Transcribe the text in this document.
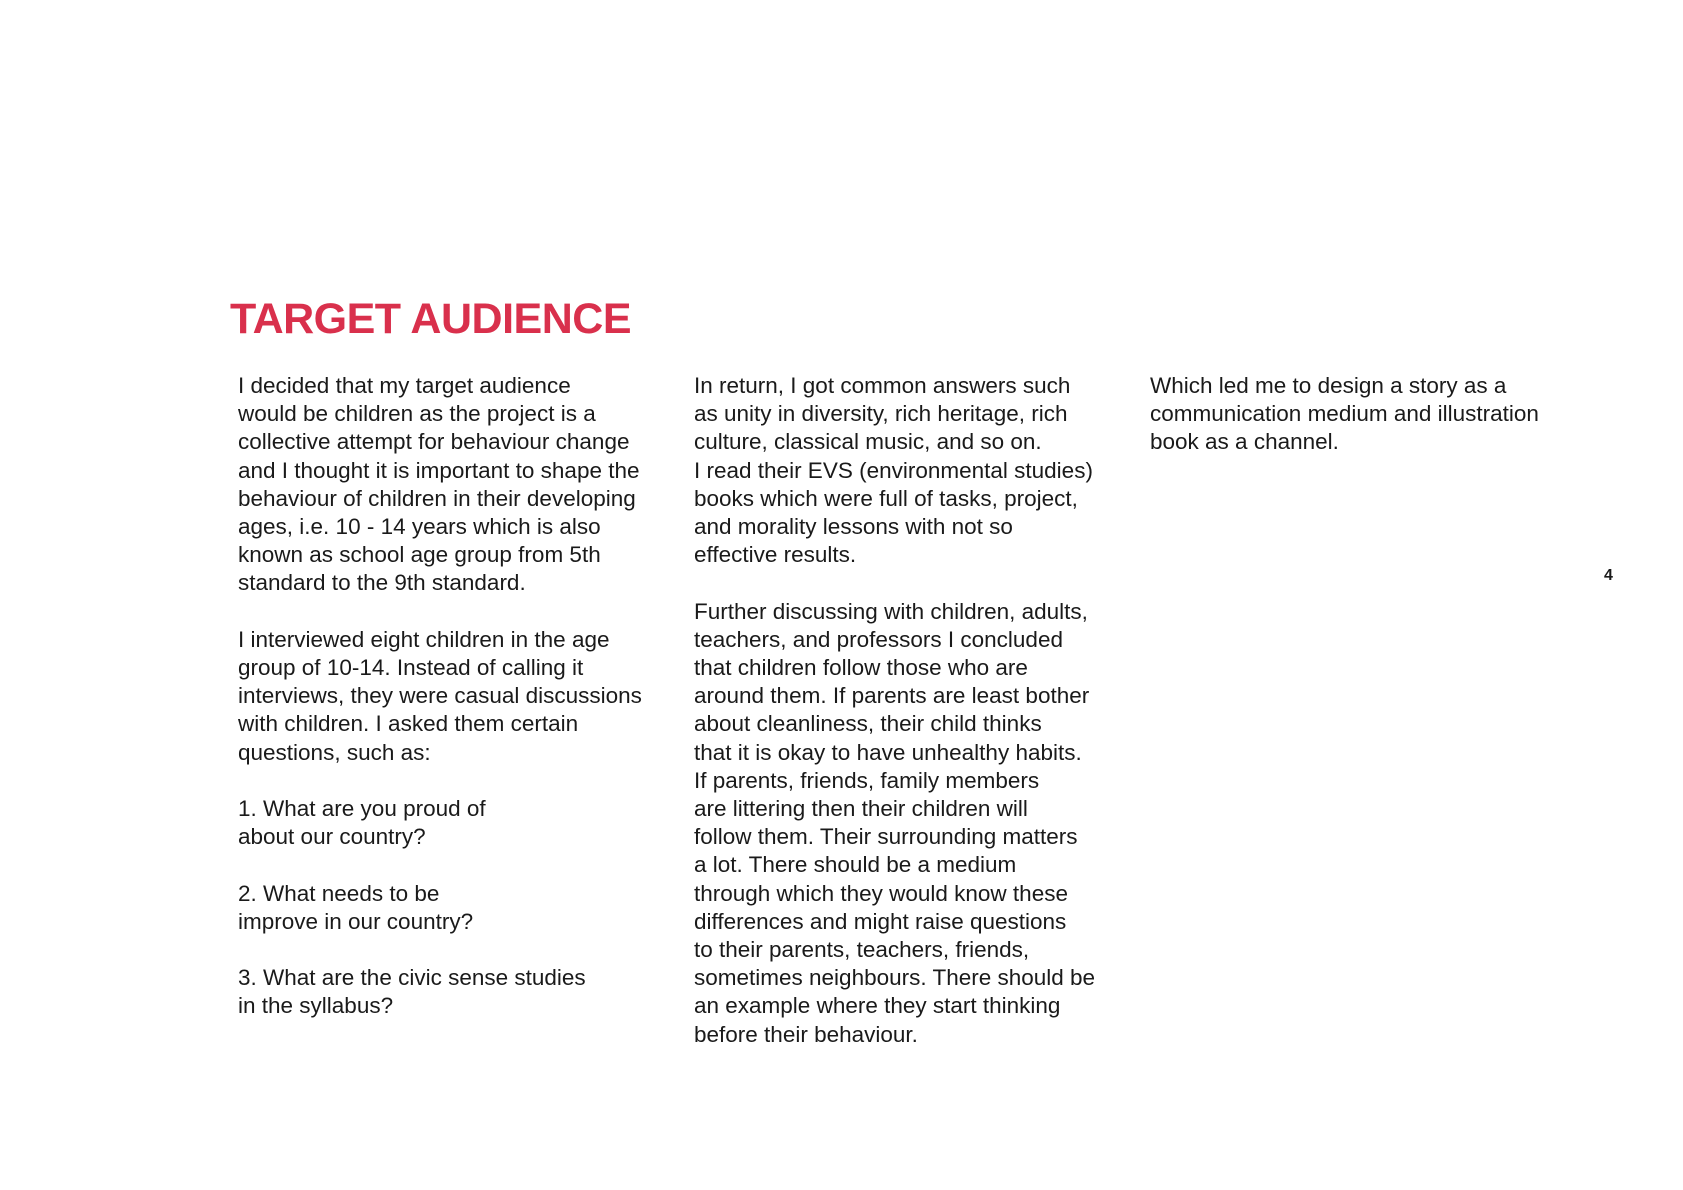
TARGET AUDIENCE

I decided that my target audience
would be children as the project is a
collective attempt for behaviour change
and I thought it is important to shape the
behaviour of children in their developing
ages, i.e. 10 - 14 years which is also
known as school age group from 5th
standard to the 9th standard.

I interviewed eight children in the age
group of 10-14. Instead of calling it
interviews, they were casual discussions
with children. I asked them certain
questions, such as:

1. What are you proud of
about our country?

2. What needs to be
improve in our country?

3. What are the civic sense studies
in the syllabus?

In return, I got common answers such
as unity in diversity, rich heritage, rich
culture, classical music, and so on.
I read their EVS (environmental studies)
books which were full of tasks, project,
and morality lessons with not so
effective results.

Further discussing with children, adults,
teachers, and professors I concluded
that children follow those who are
around them. If parents are least bother
about cleanliness, their child thinks
that it is okay to have unhealthy habits.
If parents, friends, family members
are littering then their children will
follow them. Their surrounding matters
a lot. There should be a medium
through which they would know these
differences and might raise questions
to their parents, teachers, friends,
sometimes neighbours. There should be
an example where they start thinking
before their behaviour.

Which led me to design a story as a
communication medium and illustration
book as a channel.

4
